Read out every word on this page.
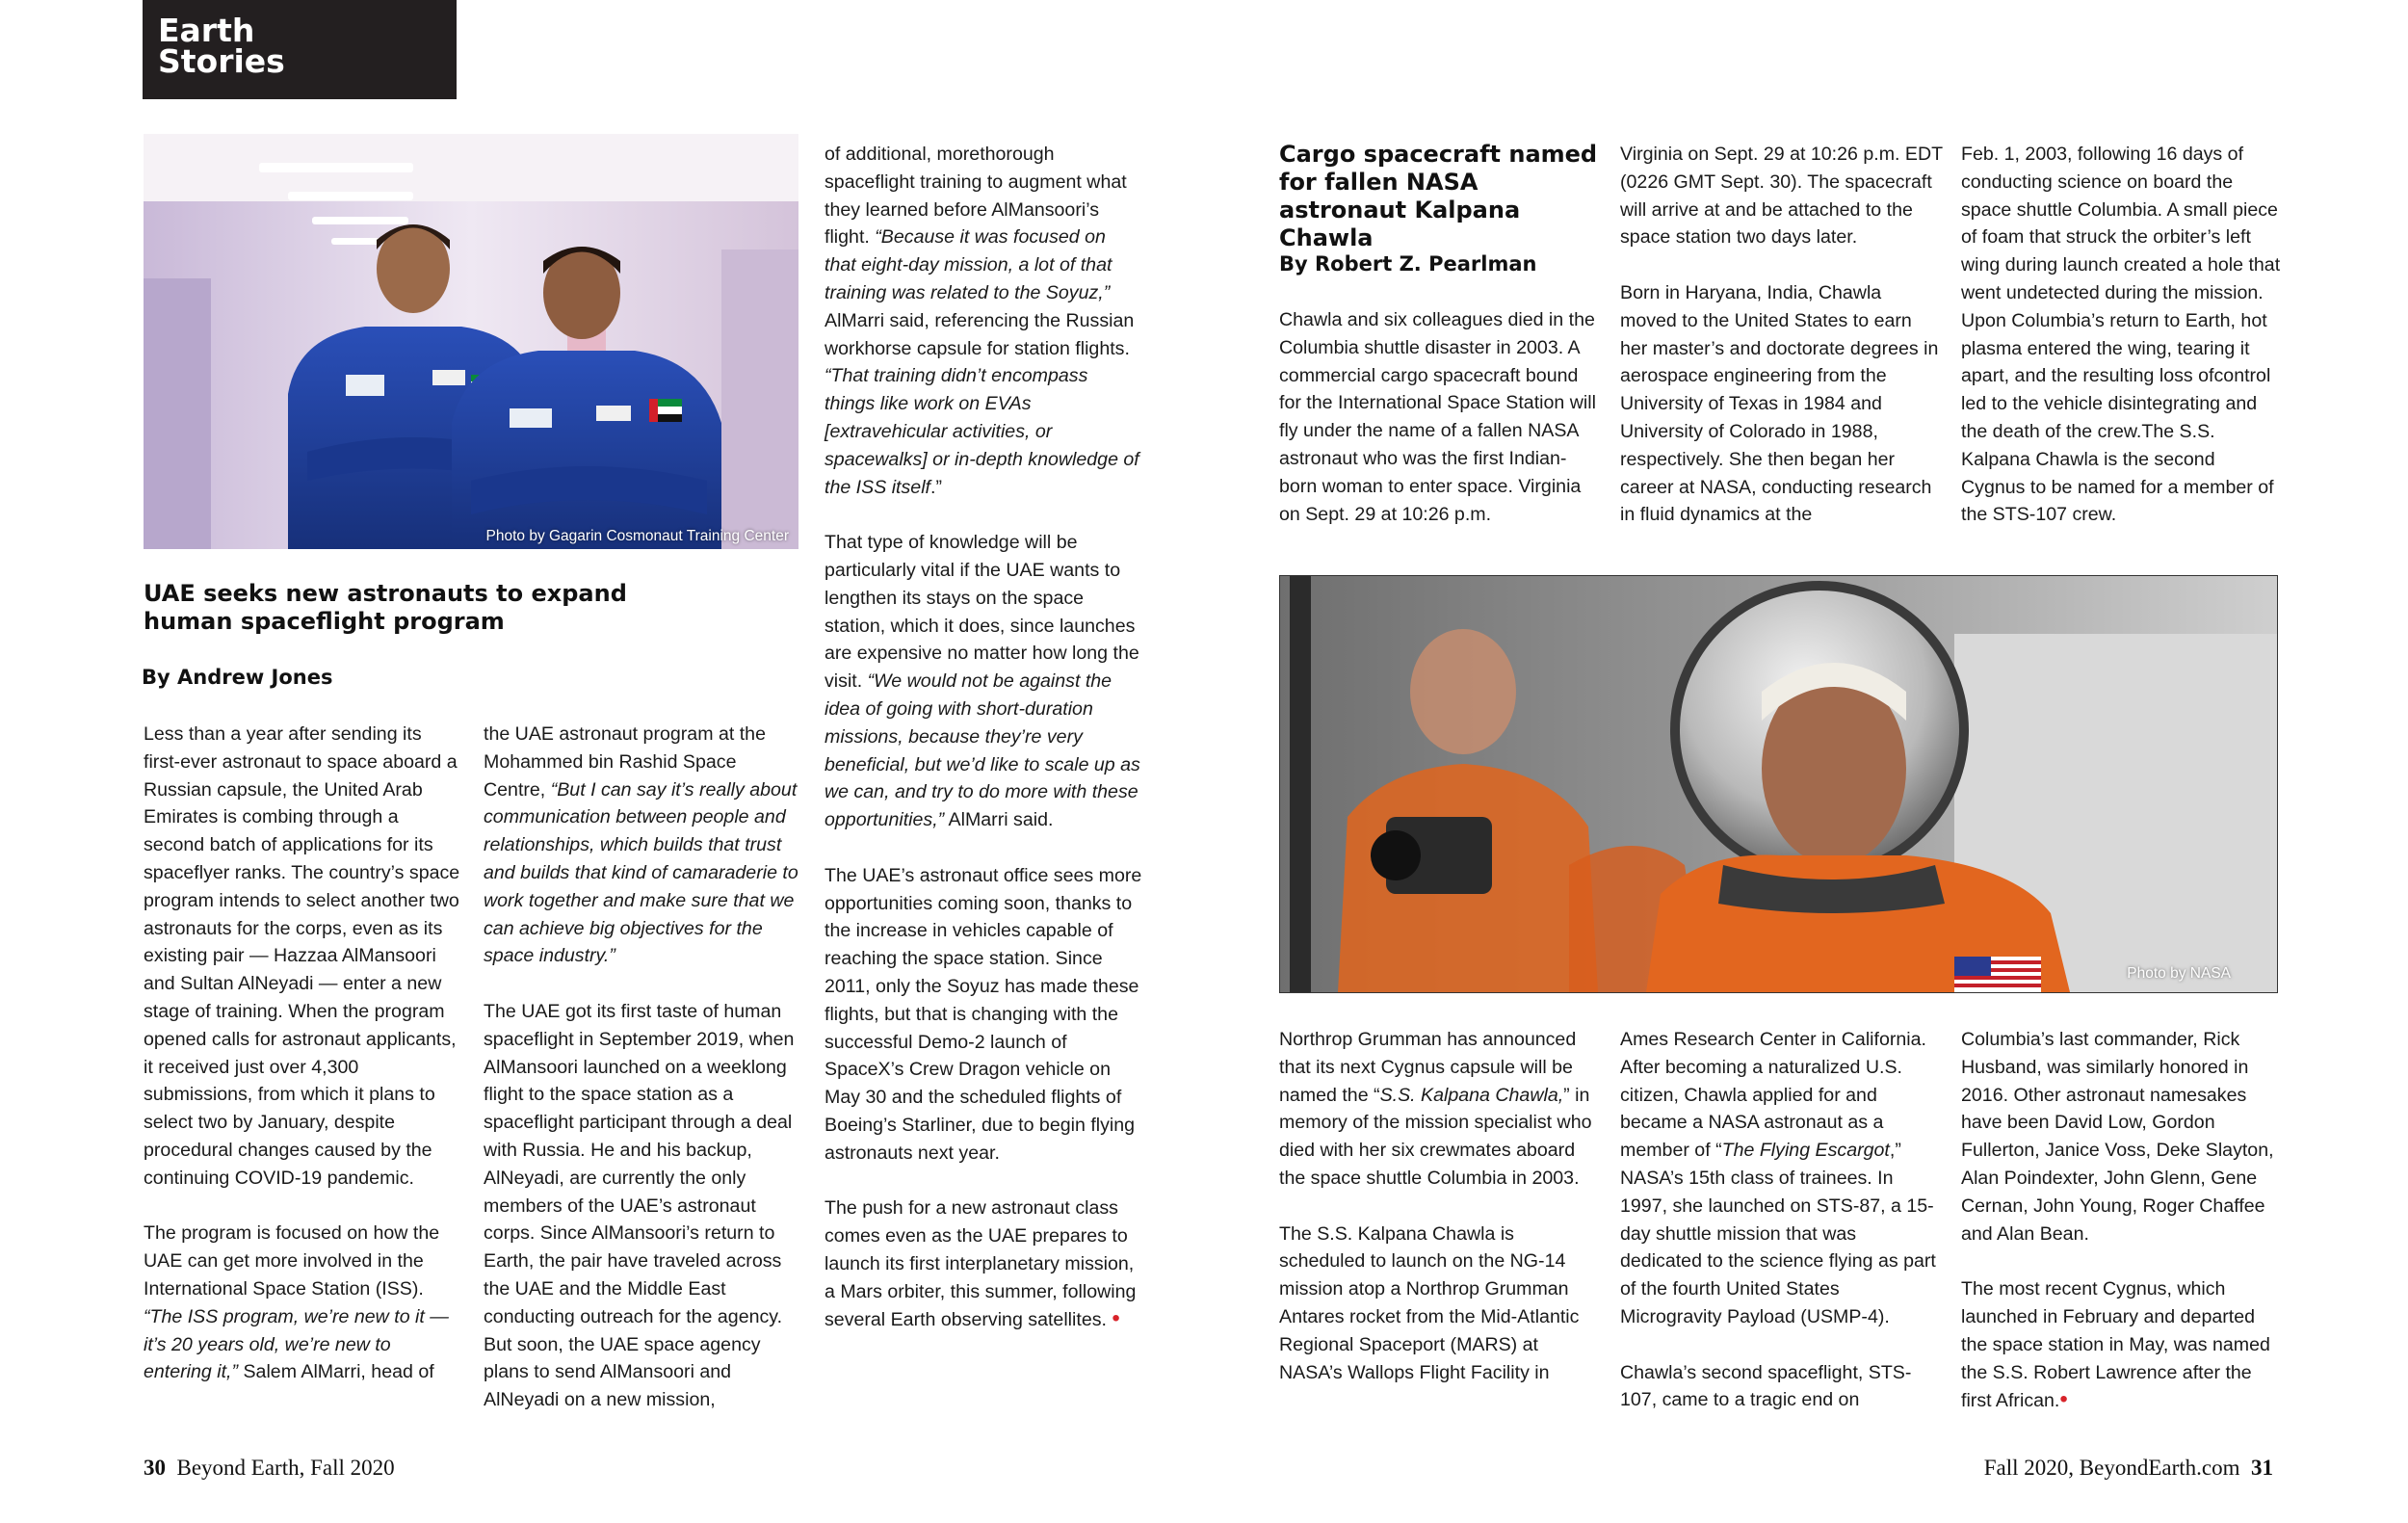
Earth
Stories
Photo by Gagarin Cosmonaut Training Center
UAE seeks new astronauts to expand human spaceflight program
By Andrew Jones

Less than a year after sending its first-ever astronaut to space aboard a Russian capsule, the United Arab Emirates is combing through a second batch of applications for its spaceflyer ranks. The country’s space program intends to select another two astronauts for the corps, even as its existing pair — Hazzaa AlMansoori and Sultan AlNeyadi — enter a new stage of training. When the program opened calls for astronaut applicants, it received just over 4,300 submissions, from which it plans to select two by January, despite procedural changes caused by the continuing COVID-19 pandemic.

The program is focused on how the UAE can get more involved in the International Space Station (ISS). “The ISS program, we’re new to it — it’s 20 years old, we’re new to entering it,” Salem AlMarri, head of

the UAE astronaut program at the Mohammed bin Rashid Space Centre, “But I can say it’s really about communication between people and relationships, which builds that trust and builds that kind of camaraderie to work together and make sure that we can achieve big objectives for the space industry.”

The UAE got its first taste of human spaceflight in September 2019, when AlMansoori launched on a weeklong flight to the space station as a spaceflight participant through a deal with Russia. He and his backup, AlNeyadi, are currently the only members of the UAE’s astronaut corps. Since AlMansoori’s return to Earth, the pair have traveled across the UAE and the Middle East conducting outreach for the agency. But soon, the UAE space agency plans to send AlMansoori and AlNeyadi on a new mission,

of additional, morethorough spaceflight training to augment what they learned before AlMansoori’s flight. “Because it was focused on that eight-day mission, a lot of that training was related to the Soyuz,” AlMarri said, referencing the Russian workhorse capsule for station flights. “That training didn’t encompass things like work on EVAs [extravehicular activities, or spacewalks] or in-depth knowledge of the ISS itself.”

That type of knowledge will be particularly vital if the UAE wants to lengthen its stays on the space station, which it does, since launches are expensive no matter how long the visit. “We would not be against the idea of going with short-duration missions, because they’re very beneficial, but we’d like to scale up as we can, and try to do more with these opportunities,” AlMarri said.

The UAE’s astronaut office sees more opportunities coming soon, thanks to the increase in vehicles capable of reaching the space station. Since 2011, only the Soyuz has made these flights, but that is changing with the successful Demo-2 launch of SpaceX’s Crew Dragon vehicle on May 30 and the scheduled flights of Boeing’s Starliner, due to begin flying astronauts next year.

The push for a new astronaut class comes even as the UAE prepares to launch its first interplanetary mission, a Mars orbiter, this summer, following several Earth observing satellites. •

Cargo spacecraft named for fallen NASA astronaut Kalpana Chawla
By Robert Z. Pearlman

Chawla and six colleagues died in the Columbia shuttle disaster in 2003. A commercial cargo spacecraft bound for the International Space Station will fly under the name of a fallen NASA astronaut who was the first Indian-born woman to enter space. Virginia on Sept. 29 at 10:26 p.m.

Virginia on Sept. 29 at 10:26 p.m. EDT (0226 GMT Sept. 30). The spacecraft will arrive at and be attached to the space station two days later.

Born in Haryana, India, Chawla moved to the United States to earn her master’s and doctorate degrees in aerospace engineering from the University of Texas in 1984 and University of Colorado in 1988, respectively. She then began her career at NASA, conducting research in fluid dynamics at the

Feb. 1, 2003, following 16 days of conducting science on board the space shuttle Columbia. A small piece of foam that struck the orbiter’s left wing during launch created a hole that went undetected during the mission. Upon Columbia’s return to Earth, hot plasma entered the wing, tearing it apart, and the resulting loss ofcontrol led to the vehicle disintegrating and the death of the crew.The S.S. Kalpana Chawla is the second Cygnus to be named for a member of the STS-107 crew.

Photo by NASA

Northrop Grumman has announced that its next Cygnus capsule will be named the “S.S. Kalpana Chawla,” in memory of the mission specialist who died with her six crewmates aboard the space shuttle Columbia in 2003.

The S.S. Kalpana Chawla is scheduled to launch on the NG-14 mission atop a Northrop Grumman Antares rocket from the Mid-Atlantic Regional Spaceport (MARS) at NASA’s Wallops Flight Facility in

Ames Research Center in California. After becoming a naturalized U.S. citizen, Chawla applied for and became a NASA astronaut as a member of “The Flying Escargot,” NASA’s 15th class of trainees. In 1997, she launched on STS-87, a 15-day shuttle mission that was dedicated to the science flying as part of the fourth United States Microgravity Payload (USMP-4).

Chawla’s second spaceflight, STS-107, came to a tragic end on

Columbia’s last commander, Rick Husband, was similarly honored in 2016. Other astronaut namesakes have been David Low, Gordon Fullerton, Janice Voss, Deke Slayton, Alan Poindexter, John Glenn, Gene Cernan, John Young, Roger Chaffee and Alan Bean.

The most recent Cygnus, which launched in February and departed the space station in May, was named the S.S. Robert Lawrence after the first African.•

30 Beyond Earth, Fall 2020	Fall 2020, BeyondEarth.com 31
